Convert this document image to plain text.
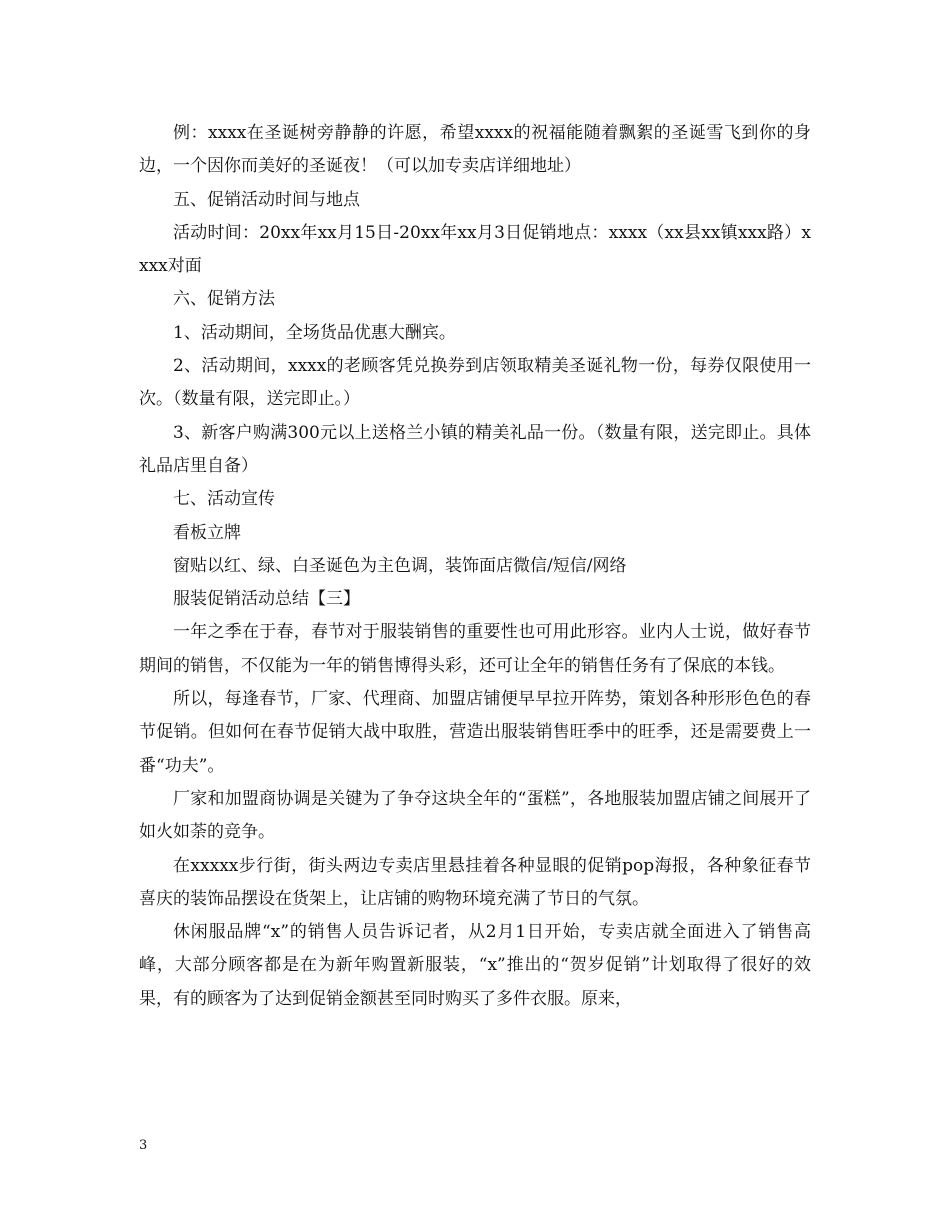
例：xxxx在圣诞树旁静静的许愿，希望xxxx的祝福能随着飘絮的圣诞雪飞到你的身边，一个因你而美好的圣诞夜！（可以加专卖店详细地址）

五、促销活动时间与地点

活动时间：20xx年xx月15日-20xx年xx月3日促销地点：xxxx（xx县xx镇xxx路）xxxx对面

六、促销方法

1、活动期间，全场货品优惠大酬宾。

2、活动期间，xxxx的老顾客凭兑换券到店领取精美圣诞礼物一份，每券仅限使用一次。（数量有限，送完即止。）

3、新客户购满300元以上送格兰小镇的精美礼品一份。（数量有限，送完即止。具体礼品店里自备）

七、活动宣传

看板立牌

窗贴以红、绿、白圣诞色为主色调，装饰面店微信/短信/网络

服装促销活动总结【三】

一年之季在于春，春节对于服装销售的重要性也可用此形容。业内人士说，做好春节期间的销售，不仅能为一年的销售博得头彩，还可让全年的销售任务有了保底的本钱。

所以，每逢春节，厂家、代理商、加盟店铺便早早拉开阵势，策划各种形形色色的春节促销。但如何在春节促销大战中取胜，营造出服装销售旺季中的旺季，还是需要费上一番“功夫”。

厂家和加盟商协调是关键为了争夺这块全年的“蛋糕”，各地服装加盟店铺之间展开了如火如荼的竞争。

在xxxxx步行街，街头两边专卖店里悬挂着各种显眼的促销pop海报，各种象征春节喜庆的装饰品摆设在货架上，让店铺的购物环境充满了节日的气氛。

休闲服品牌“x”的销售人员告诉记者，从2月1日开始，专卖店就全面进入了销售高峰，大部分顾客都是在为新年购置新服装，“x”推出的“贺岁促销”计划取得了很好的效果，有的顾客为了达到促销金额甚至同时购买了多件衣服。原来，

3
